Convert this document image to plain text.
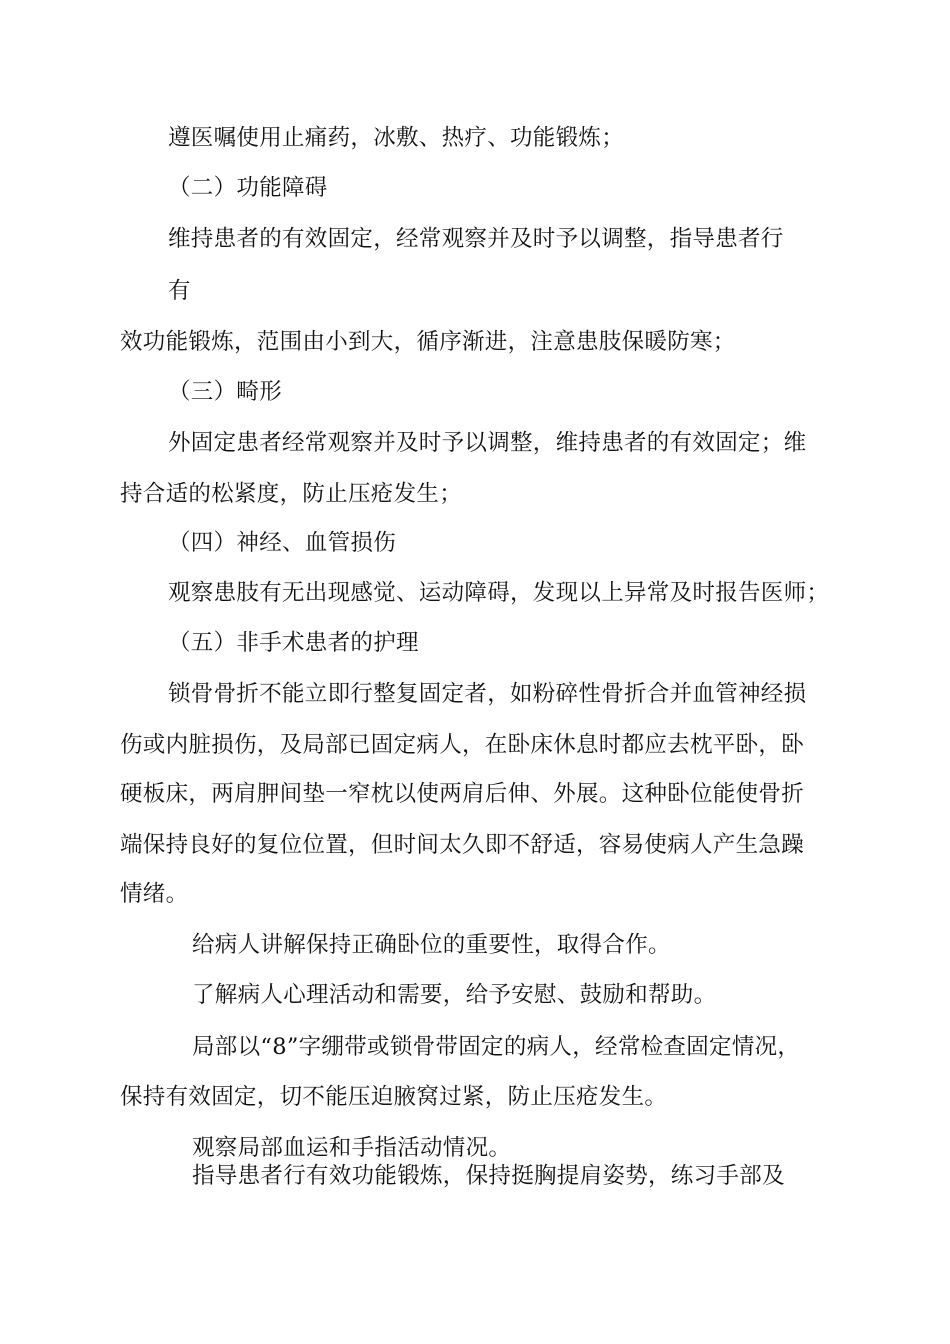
遵医嘱使用止痛药，冰敷、热疗、功能锻炼；
（二）功能障碍
维持患者的有效固定，经常观察并及时予以调整，指导患者行
有
效功能锻炼，范围由小到大，循序渐进，注意患肢保暖防寒；
（三）畸形
外固定患者经常观察并及时予以调整，维持患者的有效固定；维
持合适的松紧度，防止压疮发生；
（四）神经、血管损伤
观察患肢有无出现感觉、运动障碍，发现以上异常及时报告医师；
（五）非手术患者的护理
锁骨骨折不能立即行整复固定者，如粉碎性骨折合并血管神经损
伤或内脏损伤，及局部已固定病人，在卧床休息时都应去枕平卧，卧
硬板床，两肩胛间垫一窄枕以使两肩后伸、外展。这种卧位能使骨折
端保持良好的复位位置，但时间太久即不舒适，容易使病人产生急躁
情绪。
给病人讲解保持正确卧位的重要性，取得合作。
了解病人心理活动和需要，给予安慰、鼓励和帮助。
局部以“8”字绷带或锁骨带固定的病人，经常检查固定情况，
保持有效固定，切不能压迫腋窝过紧，防止压疮发生。
观察局部血运和手指活动情况。
指导患者行有效功能锻炼，保持挺胸提肩姿势，练习手部及
